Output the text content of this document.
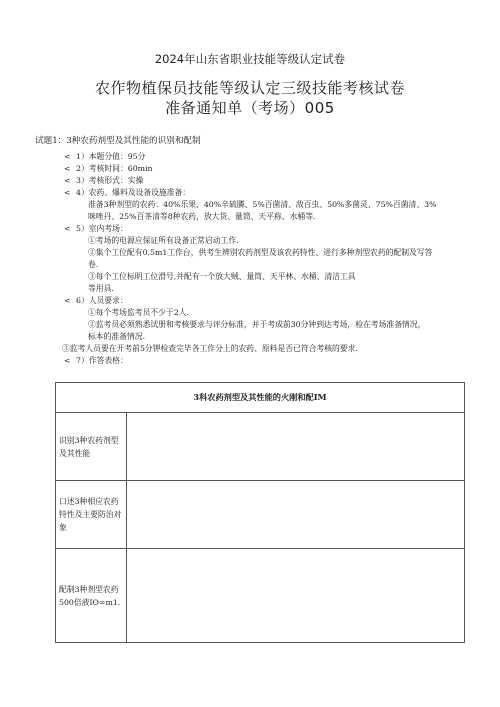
2024年山东省职业技能等级认定试卷
农作物植保员技能等级认定三级技能考核试卷
准备通知单（考场）005
试题1：3种农药剂型及其性能的识别和配制
< 1）本题分值：95分
< 2）考核时间：60min
< 3）考核形式：实操
< 4）农药、爆料及设备设施准备：
准备3种剂型的农药：40%乐果、40%辛硫膦、5%百菌清、敌百虫、50%多菌灵、75%百菌清、3%
咪唑丹、25%百茶清等8种农药，放大货、量筒、天平称、水桶等.
< 5）室内考场：
①考场的电源应保证所有设备正常启动工作.
②集个工位配有0.5m1工作台，供考生辨别农药剂型及该农药特性、进行多种剂型农药的配制及写答
卷.
③每个工位标明工位滑号,并配有一个放大贼、量筒、天平林、水桶、清洁工具
等用具.
< 6）人员要求：
①每个考场监考员不少于2人.
②监考员必须熟悉试册和考核要求与评分标准，并于考成前30分钟到达考场，检在考场准备情况，
标本的准备情况.
③监考人员要在开考前5分钾检查完毕各工作分上的农药、原料是否已符合考核的要求.
< 7）作答表格：
3科农药剂型及其性能的火刚和配IM	
识别3种农药剂型及其性能	
口述3种相应农药特性及主要防治对象	
配制3种剂型农药500倍液IO∞m1.	
